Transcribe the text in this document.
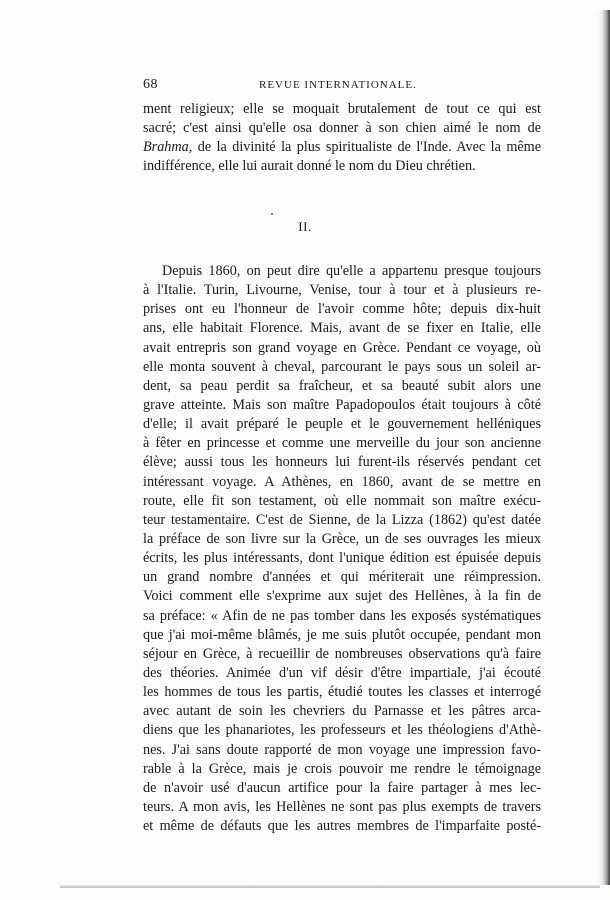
68	REVUE INTERNATIONALE.
ment religieux; elle se moquait brutalement de tout ce qui est
sacré; c'est ainsi qu'elle osa donner à son chien aimé le nom de
Brahma, de la divinité la plus spiritualiste de l'Inde. Avec la même
indifférence, elle lui aurait donné le nom du Dieu chrétien.
II.
Depuis 1860, on peut dire qu'elle a appartenu presque toujours
à l'Italie. Turin, Livourne, Venise, tour à tour et à plusieurs re-
prises ont eu l'honneur de l'avoir comme hôte; depuis dix-huit
ans, elle habitait Florence. Mais, avant de se fixer en Italie, elle
avait entrepris son grand voyage en Grèce. Pendant ce voyage, où
elle monta souvent à cheval, parcourant le pays sous un soleil ar-
dent, sa peau perdit sa fraîcheur, et sa beauté subit alors une
grave atteinte. Mais son maître Papadopoulos était toujours à côté
d'elle; il avait préparé le peuple et le gouvernement helléniques
à fêter en princesse et comme une merveille du jour son ancienne
élève; aussi tous les honneurs lui furent-ils réservés pendant cet
intéressant voyage. A Athènes, en 1860, avant de se mettre en
route, elle fit son testament, où elle nommait son maître exécu-
teur testamentaire. C'est de Sienne, de la Lizza (1862) qu'est datée
la préface de son livre sur la Grèce, un de ses ouvrages les mieux
écrits, les plus intéressants, dont l'unique édition est épuisée depuis
un grand nombre d'années et qui mériterait une réimpression.
Voici comment elle s'exprime aux sujet des Hellènes, à la fin de
sa préface: « Afin de ne pas tomber dans les exposés systématiques
que j'ai moi-même blâmés, je me suis plutôt occupée, pendant mon
séjour en Grèce, à recueillir de nombreuses observations qu'à faire
des théories. Animée d'un vif désir d'être impartiale, j'ai écouté
les hommes de tous les partis, étudié toutes les classes et interrogé
avec autant de soin les chevriers du Parnasse et les pâtres arca-
diens que les phanariotes, les professeurs et les théologiens d'Athè-
nes. J'ai sans doute rapporté de mon voyage une impression favo-
rable à la Grèce, mais je crois pouvoir me rendre le témoignage
de n'avoir usé d'aucun artifice pour la faire partager à mes lec-
teurs. A mon avis, les Hellènes ne sont pas plus exempts de travers
et même de défauts que les autres membres de l'imparfaite posté-
